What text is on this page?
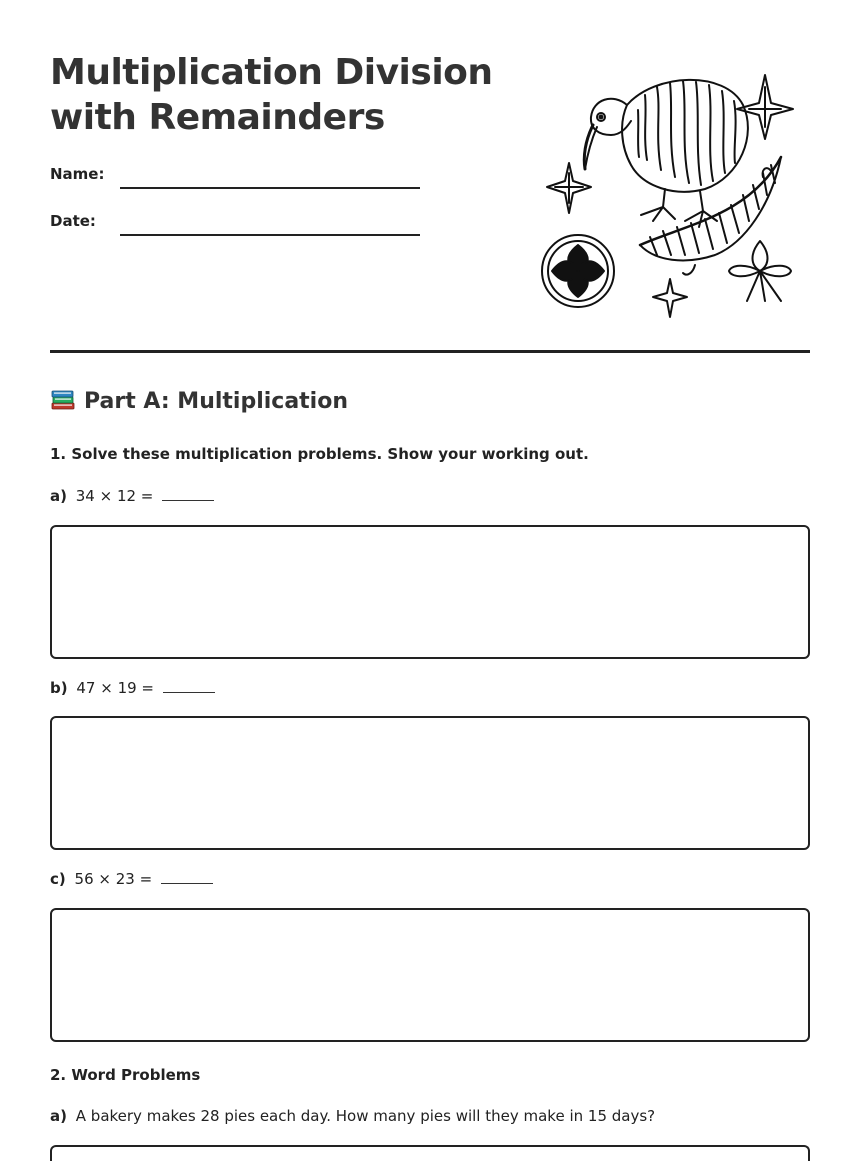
Multiplication Division
with Remainders
Name:
Date:
Part A: Multiplication

1. Solve these multiplication problems. Show your working out.

a) 34 × 12 =

b) 47 × 19 =

c) 56 × 23 =

2. Word Problems

a) A bakery makes 28 pies each day. How many pies will they make in 15 days?
